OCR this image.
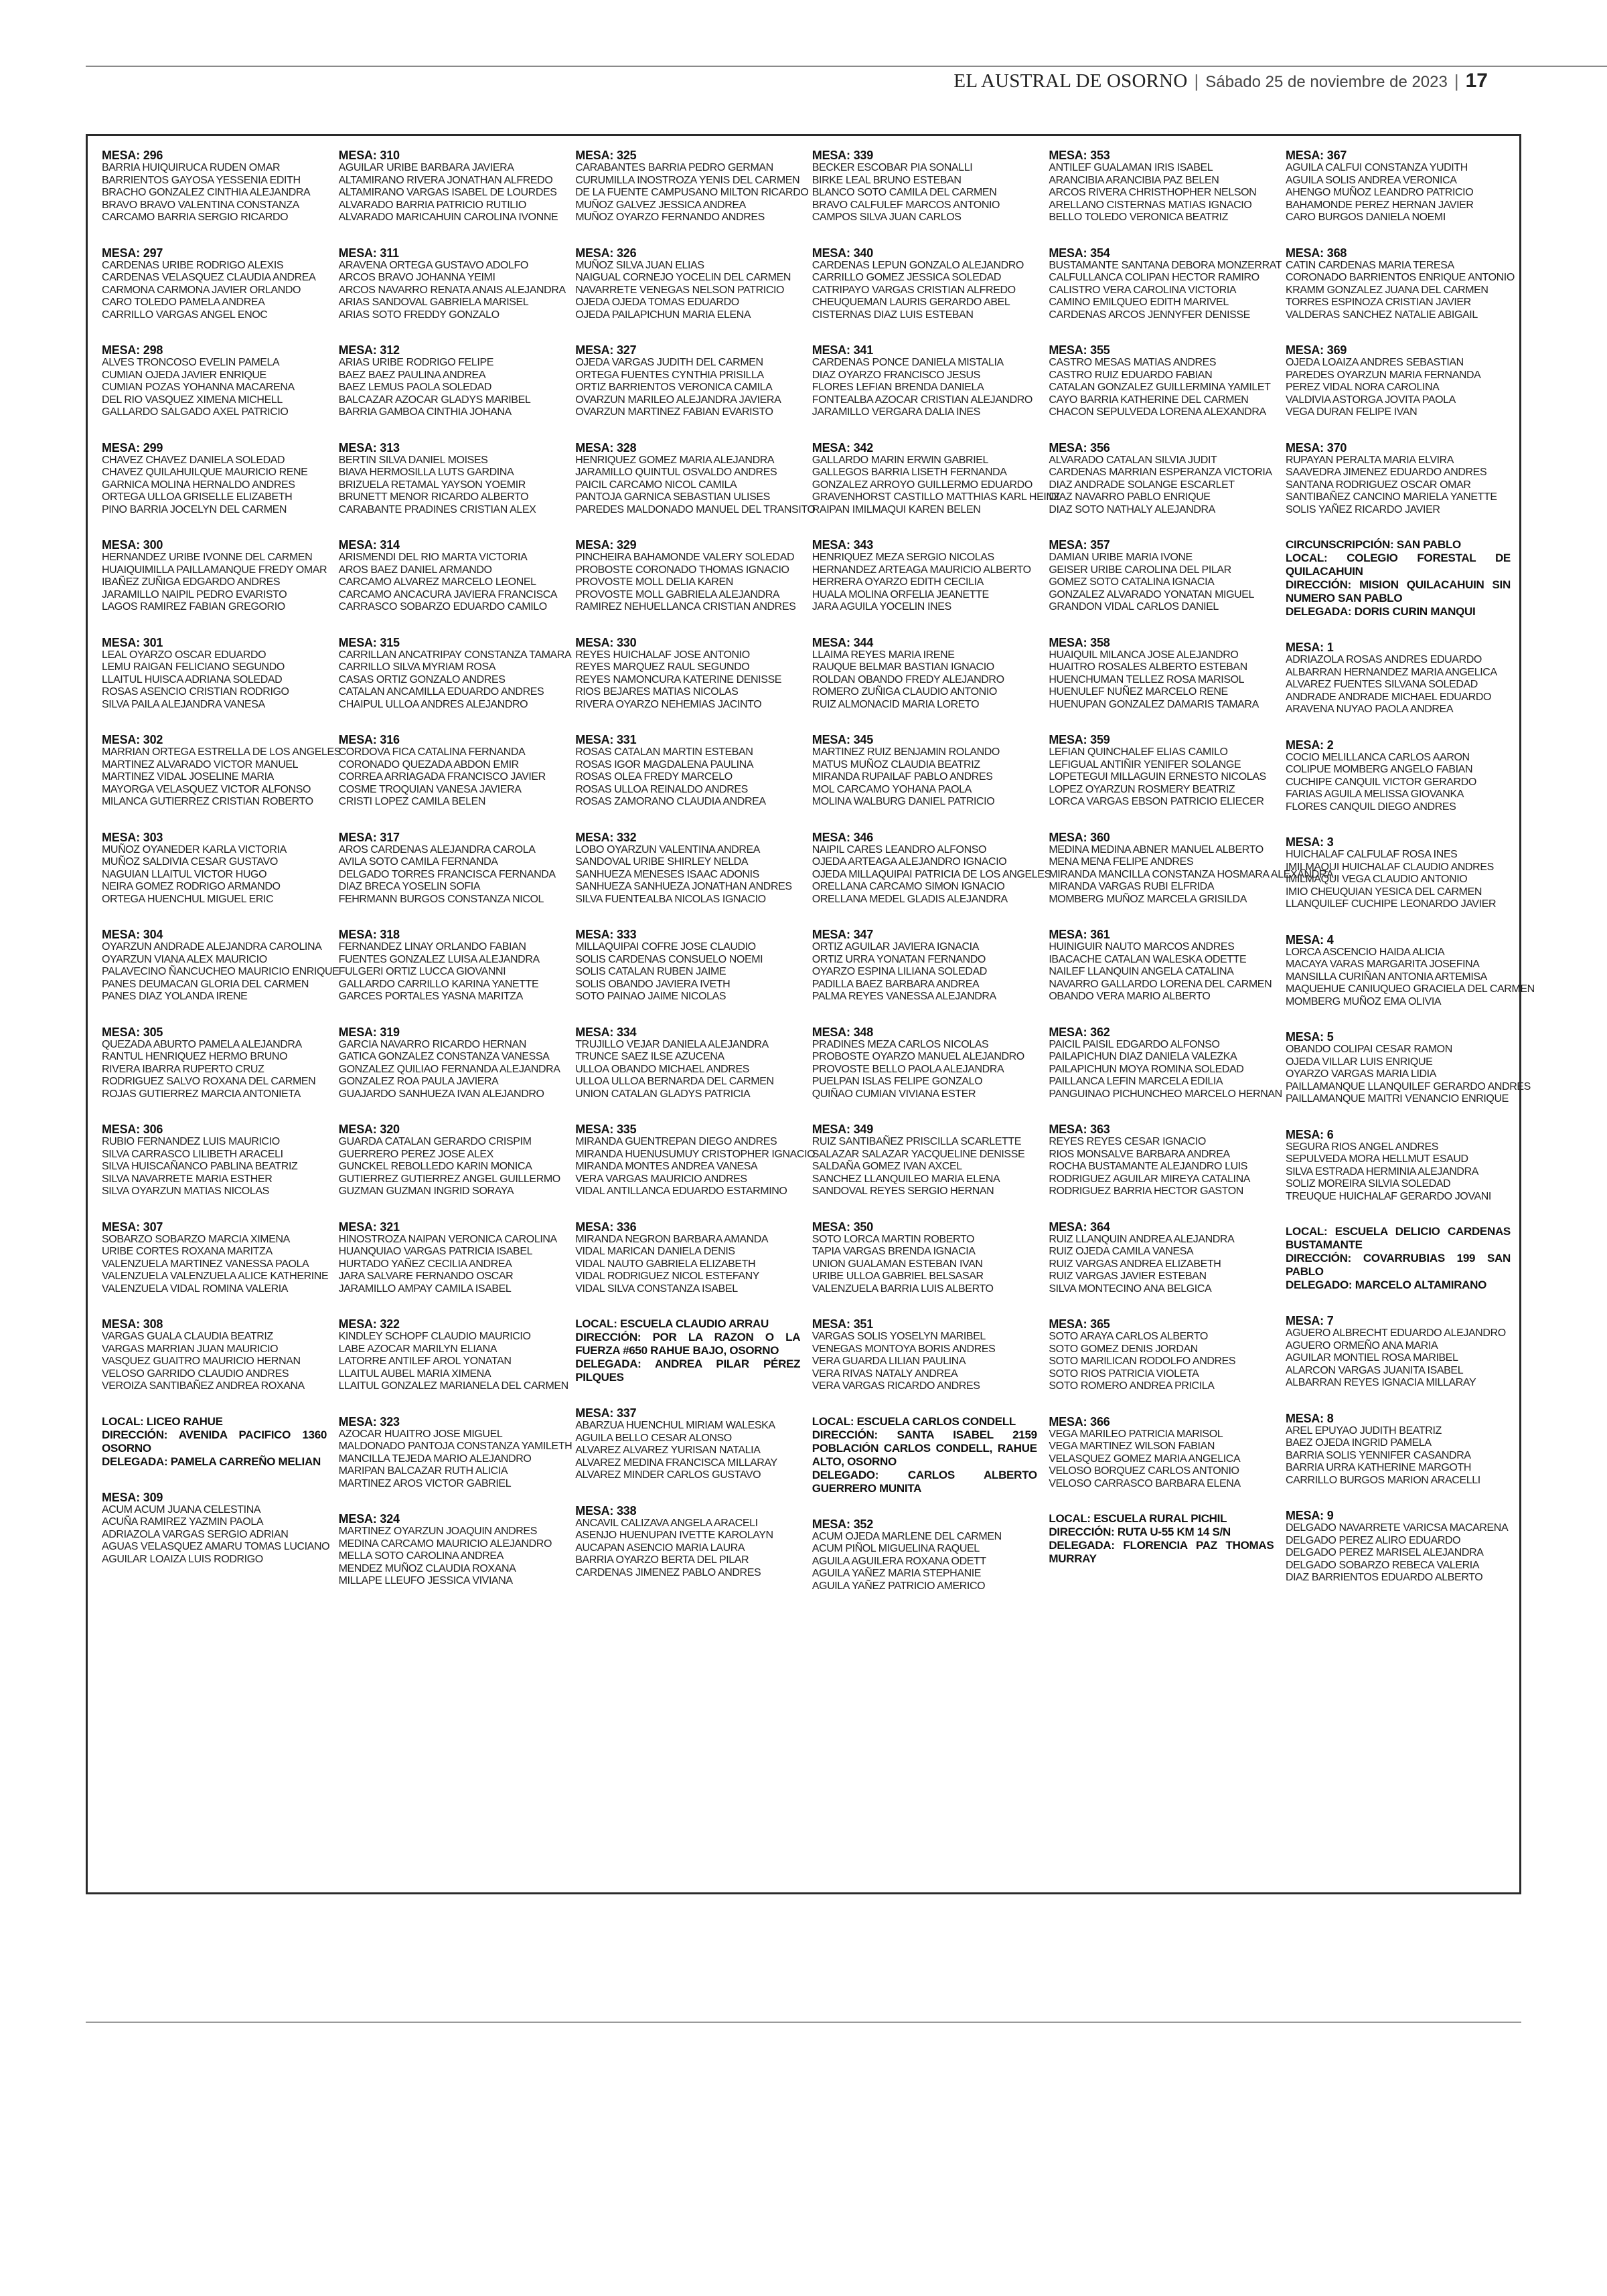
EL AUSTRAL DE OSORNO | Sábado 25 de noviembre de 2023 | 17
MESA: 296
BARRIA HUIQUIRUCA RUDEN OMAR
BARRIENTOS GAYOSA YESSENIA EDITH
BRACHO GONZALEZ CINTHIA ALEJANDRA
BRAVO BRAVO VALENTINA CONSTANZA
CARCAMO BARRIA SERGIO RICARDO
MESA: 297
CARDENAS URIBE RODRIGO ALEXIS
CARDENAS VELASQUEZ CLAUDIA ANDREA
CARMONA CARMONA JAVIER ORLANDO
CARO TOLEDO PAMELA ANDREA
CARRILLO VARGAS ANGEL ENOC
MESA: 298
ALVES TRONCOSO EVELIN PAMELA
CUMIAN OJEDA JAVIER ENRIQUE
CUMIAN POZAS YOHANNA MACARENA
DEL RIO VASQUEZ XIMENA MICHELL
GALLARDO SALGADO AXEL PATRICIO
MESA: 299
CHAVEZ CHAVEZ DANIELA SOLEDAD
CHAVEZ QUILAHUILQUE MAURICIO RENE
GARNICA MOLINA HERNALDO ANDRES
ORTEGA ULLOA GRISELLE ELIZABETH
PINO BARRIA JOCELYN DEL CARMEN
MESA: 300
HERNANDEZ URIBE IVONNE DEL CARMEN
HUAIQUIMILLA PAILLAMANQUE FREDY OMAR
IBAÑEZ ZUÑIGA EDGARDO ANDRES
JARAMILLO NAIPIL PEDRO EVARISTO
LAGOS RAMIREZ FABIAN GREGORIO
MESA: 301
LEAL OYARZO OSCAR EDUARDO
LEMU RAIGAN FELICIANO SEGUNDO
LLAITUL HUISCA ADRIANA SOLEDAD
ROSAS ASENCIO CRISTIAN RODRIGO
SILVA PAILA ALEJANDRA VANESA
MESA: 302
MARRIAN ORTEGA ESTRELLA DE LOS ANGELES
MARTINEZ ALVARADO VICTOR MANUEL
MARTINEZ VIDAL JOSELINE MARIA
MAYORGA VELASQUEZ VICTOR ALFONSO
MILANCA GUTIERREZ CRISTIAN ROBERTO
MESA: 303
MUÑOZ OYANEDER KARLA VICTORIA
MUÑOZ SALDIVIA CESAR GUSTAVO
NAGUIAN LLAITUL VICTOR HUGO
NEIRA GOMEZ RODRIGO ARMANDO
ORTEGA HUENCHUL MIGUEL ERIC
MESA: 304
OYARZUN ANDRADE ALEJANDRA CAROLINA
OYARZUN VIANA ALEX MAURICIO
PALAVECINO ÑANCUCHEO MAURICIO ENRIQUE
PANES DEUMACAN GLORIA DEL CARMEN
PANES DIAZ YOLANDA IRENE
MESA: 305
QUEZADA ABURTO PAMELA ALEJANDRA
RANTUL HENRIQUEZ HERMO BRUNO
RIVERA IBARRA RUPERTO CRUZ
RODRIGUEZ SALVO ROXANA DEL CARMEN
ROJAS GUTIERREZ MARCIA ANTONIETA
MESA: 306
RUBIO FERNANDEZ LUIS MAURICIO
SILVA CARRASCO LILIBETH ARACELI
SILVA HUISCAÑANCO PABLINA BEATRIZ
SILVA NAVARRETE MARIA ESTHER
SILVA OYARZUN MATIAS NICOLAS
MESA: 307
SOBARZO SOBARZO MARCIA XIMENA
URIBE CORTES ROXANA MARITZA
VALENZUELA MARTINEZ VANESSA PAOLA
VALENZUELA VALENZUELA ALICE KATHERINE
VALENZUELA VIDAL ROMINA VALERIA
MESA: 308
VARGAS GUALA CLAUDIA BEATRIZ
VARGAS MARRIAN JUAN MAURICIO
VASQUEZ GUAITRO MAURICIO HERNAN
VELOSO GARRIDO CLAUDIO ANDRES
VEROIZA SANTIBAÑEZ ANDREA ROXANA
LOCAL: LICEO RAHUE
DIRECCIÓN: AVENIDA PACIFICO 1360 OSORNO
DELEGADA: PAMELA CARREÑO MELIAN
MESA: 309
ACUM ACUM JUANA CELESTINA
ACUÑA RAMIREZ YAZMIN PAOLA
ADRIAZOLA VARGAS SERGIO ADRIAN
AGUAS VELASQUEZ AMARU TOMAS LUCIANO
AGUILAR LOAIZA LUIS RODRIGO
MESA: 310
AGUILAR URIBE BARBARA JAVIERA
ALTAMIRANO RIVERA JONATHAN ALFREDO
ALTAMIRANO VARGAS ISABEL DE LOURDES
ALVARADO BARRIA PATRICIO RUTILIO
ALVARADO MARICAHUIN CAROLINA IVONNE
MESA: 311
ARAVENA ORTEGA GUSTAVO ADOLFO
ARCOS BRAVO JOHANNA YEIMI
ARCOS NAVARRO RENATA ANAIS ALEJANDRA
ARIAS SANDOVAL GABRIELA MARISEL
ARIAS SOTO FREDDY GONZALO
MESA: 312
ARIAS URIBE RODRIGO FELIPE
BAEZ BAEZ PAULINA ANDREA
BAEZ LEMUS PAOLA SOLEDAD
BALCAZAR AZOCAR GLADYS MARIBEL
BARRIA GAMBOA CINTHIA JOHANA
MESA: 313
BERTIN SILVA DANIEL MOISES
BIAVA HERMOSILLA LUTS GARDINA
BRIZUELA RETAMAL YAYSON YOEMIR
BRUNETT MENOR RICARDO ALBERTO
CARABANTE PRADINES CRISTIAN ALEX
MESA: 314
ARISMENDI DEL RIO MARTA VICTORIA
AROS BAEZ DANIEL ARMANDO
CARCAMO ALVAREZ MARCELO LEONEL
CARCAMO ANCACURA JAVIERA FRANCISCA
CARRASCO SOBARZO EDUARDO CAMILO
MESA: 315
CARRILLAN ANCATRIPAY CONSTANZA TAMARA
CARRILLO SILVA MYRIAM ROSA
CASAS ORTIZ GONZALO ANDRES
CATALAN ANCAMILLA EDUARDO ANDRES
CHAIPUL ULLOA ANDRES ALEJANDRO
MESA: 316
CORDOVA FICA CATALINA FERNANDA
CORONADO QUEZADA ABDON EMIR
CORREA ARRIAGADA FRANCISCO JAVIER
COSME TROQUIAN VANESA JAVIERA
CRISTI LOPEZ CAMILA BELEN
MESA: 317
AROS CARDENAS ALEJANDRA CAROLA
AVILA SOTO CAMILA FERNANDA
DELGADO TORRES FRANCISCA FERNANDA
DIAZ BRECA YOSELIN SOFIA
FEHRMANN BURGOS CONSTANZA NICOL
MESA: 318
FERNANDEZ LINAY ORLANDO FABIAN
FUENTES GONZALEZ LUISA ALEJANDRA
FULGERI ORTIZ LUCCA GIOVANNI
GALLARDO CARRILLO KARINA YANETTE
GARCES PORTALES YASNA MARITZA
MESA: 319
GARCIA NAVARRO RICARDO HERNAN
GATICA GONZALEZ CONSTANZA VANESSA
GONZALEZ QUILIAO FERNANDA ALEJANDRA
GONZALEZ ROA PAULA JAVIERA
GUAJARDO SANHUEZA IVAN ALEJANDRO
MESA: 320
GUARDA CATALAN GERARDO CRISPIM
GUERRERO PEREZ JOSE ALEX
GUNCKEL REBOLLEDO KARIN MONICA
GUTIERREZ GUTIERREZ ANGEL GUILLERMO
GUZMAN GUZMAN INGRID SORAYA
MESA: 321
HINOSTROZA NAIPAN VERONICA CAROLINA
HUANQUIAO VARGAS PATRICIA ISABEL
HURTADO YAÑEZ CECILIA ANDREA
JARA SALVARE FERNANDO OSCAR
JARAMILLO AMPAY CAMILA ISABEL
MESA: 322
KINDLEY SCHOPF CLAUDIO MAURICIO
LABE AZOCAR MARILYN ELIANA
LATORRE ANTILEF AROL YONATAN
LLAITUL AUBEL MARIA XIMENA
LLAITUL GONZALEZ MARIANELA DEL CARMEN
MESA: 323
AZOCAR HUAITRO JOSE MIGUEL
MALDONADO PANTOJA CONSTANZA YAMILETH
MANCILLA TEJEDA MARIO ALEJANDRO
MARIPAN BALCAZAR RUTH ALICIA
MARTINEZ AROS VICTOR GABRIEL
MESA: 324
MARTINEZ OYARZUN JOAQUIN ANDRES
MEDINA CARCAMO MAURICIO ALEJANDRO
MELLA SOTO CAROLINA ANDREA
MENDEZ MUÑOZ CLAUDIA ROXANA
MILLAPE LLEUFO JESSICA VIVIANA
MESA: 325
CARABANTES BARRIA PEDRO GERMAN
CURUMILLA INOSTROZA YENIS DEL CARMEN
DE LA FUENTE CAMPUSANO MILTON RICARDO
MUÑOZ GALVEZ JESSICA ANDREA
MUÑOZ OYARZO FERNANDO ANDRES
MESA: 326
MUÑOZ SILVA JUAN ELIAS
NAIGUAL CORNEJO YOCELIN DEL CARMEN
NAVARRETE VENEGAS NELSON PATRICIO
OJEDA OJEDA TOMAS EDUARDO
OJEDA PAILAPICHUN MARIA ELENA
MESA: 327
OJEDA VARGAS JUDITH DEL CARMEN
ORTEGA FUENTES CYNTHIA PRISILLA
ORTIZ BARRIENTOS VERONICA CAMILA
OVARZUN MARILEO ALEJANDRA JAVIERA
OVARZUN MARTINEZ FABIAN EVARISTO
MESA: 328
HENRIQUEZ GOMEZ MARIA ALEJANDRA
JARAMILLO QUINTUL OSVALDO ANDRES
PAICIL CARCAMO NICOL CAMILA
PANTOJA GARNICA SEBASTIAN ULISES
PAREDES MALDONADO MANUEL DEL TRANSITO
MESA: 329
PINCHEIRA BAHAMONDE VALERY SOLEDAD
PROBOSTE CORONADO THOMAS IGNACIO
PROVOSTE MOLL DELIA KAREN
PROVOSTE MOLL GABRIELA ALEJANDRA
RAMIREZ NEHUELLANCA CRISTIAN ANDRES
MESA: 330
REYES HUICHALAF JOSE ANTONIO
REYES MARQUEZ RAUL SEGUNDO
REYES NAMONCURA KATERINE DENISSE
RIOS BEJARES MATIAS NICOLAS
RIVERA OYARZO NEHEMIAS JACINTO
MESA: 331
ROSAS CATALAN MARTIN ESTEBAN
ROSAS IGOR MAGDALENA PAULINA
ROSAS OLEA FREDY MARCELO
ROSAS ULLOA REINALDO ANDRES
ROSAS ZAMORANO CLAUDIA ANDREA
MESA: 332
LOBO OYARZUN VALENTINA ANDREA
SANDOVAL URIBE SHIRLEY NELDA
SANHUEZA MENESES ISAAC ADONIS
SANHUEZA SANHUEZA JONATHAN ANDRES
SILVA FUENTEALBA NICOLAS IGNACIO
MESA: 333
MILLAQUIPAI COFRE JOSE CLAUDIO
SOLIS CARDENAS CONSUELO NOEMI
SOLIS CATALAN RUBEN JAIME
SOLIS OBANDO JAVIERA IVETH
SOTO PAINAO JAIME NICOLAS
MESA: 334
TRUJILLO VEJAR DANIELA ALEJANDRA
TRUNCE SAEZ ILSE AZUCENA
ULLOA OBANDO MICHAEL ANDRES
ULLOA ULLOA BERNARDA DEL CARMEN
UNION CATALAN GLADYS PATRICIA
MESA: 335
MIRANDA GUENTREPAN DIEGO ANDRES
MIRANDA HUENUSUMUY CRISTOPHER IGNACIO
MIRANDA MONTES ANDREA VANESA
VERA VARGAS MAURICIO ANDRES
VIDAL ANTILLANCA EDUARDO ESTARMINO
MESA: 336
MIRANDA NEGRON BARBARA AMANDA
VIDAL MARICAN DANIELA DENIS
VIDAL NAUTO GABRIELA ELIZABETH
VIDAL RODRIGUEZ NICOL ESTEFANY
VIDAL SILVA CONSTANZA ISABEL
LOCAL: ESCUELA CLAUDIO ARRAU
DIRECCIÓN: POR LA RAZON O LA FUERZA #650 RAHUE BAJO, OSORNO
DELEGADA: ANDREA PILAR PÉREZ PILQUES
MESA: 337
ABARZUA HUENCHUL MIRIAM WALESKA
AGUILA BELLO CESAR ALONSO
ALVAREZ ALVAREZ YURISAN NATALIA
ALVAREZ MEDINA FRANCISCA MILLARAY
ALVAREZ MINDER CARLOS GUSTAVO
MESA: 338
ANCAVIL CALIZAVA ANGELA ARACELI
ASENJO HUENUPAN IVETTE KAROLAYN
AUCAPAN ASENCIO MARIA LAURA
BARRIA OYARZO BERTA DEL PILAR
CARDENAS JIMENEZ PABLO ANDRES
MESA: 339
BECKER ESCOBAR PIA SONALLI
BIRKE LEAL BRUNO ESTEBAN
BLANCO SOTO CAMILA DEL CARMEN
BRAVO CALFULEF MARCOS ANTONIO
CAMPOS SILVA JUAN CARLOS
MESA: 340
CARDENAS LEPUN GONZALO ALEJANDRO
CARRILLO GOMEZ JESSICA SOLEDAD
CATRIPAYO VARGAS CRISTIAN ALFREDO
CHEUQUEMAN LAURIS GERARDO ABEL
CISTERNAS DIAZ LUIS ESTEBAN
MESA: 341
CARDENAS PONCE DANIELA MISTALIA
DIAZ OYARZO FRANCISCO JESUS
FLORES LEFIAN BRENDA DANIELA
FONTEALBA AZOCAR CRISTIAN ALEJANDRO
JARAMILLO VERGARA DALIA INES
MESA: 342
GALLARDO MARIN ERWIN GABRIEL
GALLEGOS BARRIA LISETH FERNANDA
GONZALEZ ARROYO GUILLERMO EDUARDO
GRAVENHORST CASTILLO MATTHIAS KARL HEINZ
RAIPAN IMILMAQUI KAREN BELEN
MESA: 343
HENRIQUEZ MEZA SERGIO NICOLAS
HERNANDEZ ARTEAGA MAURICIO ALBERTO
HERRERA OYARZO EDITH CECILIA
HUALA MOLINA ORFELIA JEANETTE
JARA AGUILA YOCELIN INES
MESA: 344
LLAIMA REYES MARIA IRENE
RAUQUE BELMAR BASTIAN IGNACIO
ROLDAN OBANDO FREDY ALEJANDRO
ROMERO ZUÑIGA CLAUDIO ANTONIO
RUIZ ALMONACID MARIA LORETO
MESA: 345
MARTINEZ RUIZ BENJAMIN ROLANDO
MATUS MUÑOZ CLAUDIA BEATRIZ
MIRANDA RUPAILAF PABLO ANDRES
MOL CARCAMO YOHANA PAOLA
MOLINA WALBURG DANIEL PATRICIO
MESA: 346
NAIPIL CARES LEANDRO ALFONSO
OJEDA ARTEAGA ALEJANDRO IGNACIO
OJEDA MILLAQUIPAI PATRICIA DE LOS ANGELES
ORELLANA CARCAMO SIMON IGNACIO
ORELLANA MEDEL GLADIS ALEJANDRA
MESA: 347
ORTIZ AGUILAR JAVIERA IGNACIA
ORTIZ URRA YONATAN FERNANDO
OYARZO ESPINA LILIANA SOLEDAD
PADILLA BAEZ BARBARA ANDREA
PALMA REYES VANESSA ALEJANDRA
MESA: 348
PRADINES MEZA CARLOS NICOLAS
PROBOSTE OYARZO MANUEL ALEJANDRO
PROVOSTE BELLO PAOLA ALEJANDRA
PUELPAN ISLAS FELIPE GONZALO
QUIÑAO CUMIAN VIVIANA ESTER
MESA: 349
RUIZ SANTIBAÑEZ PRISCILLA SCARLETTE
SALAZAR SALAZAR YACQUELINE DENISSE
SALDAÑA GOMEZ IVAN AXCEL
SANCHEZ LLANQUILEO MARIA ELENA
SANDOVAL REYES SERGIO HERNAN
MESA: 350
SOTO LORCA MARTIN ROBERTO
TAPIA VARGAS BRENDA IGNACIA
UNION GUALAMAN ESTEBAN IVAN
URIBE ULLOA GABRIEL BELSASAR
VALENZUELA BARRIA LUIS ALBERTO
MESA: 351
VARGAS SOLIS YOSELYN MARIBEL
VENEGAS MONTOYA BORIS ANDRES
VERA GUARDA LILIAN PAULINA
VERA RIVAS NATALY ANDREA
VERA VARGAS RICARDO ANDRES
LOCAL: ESCUELA CARLOS CONDELL
DIRECCIÓN: SANTA ISABEL 2159 POBLACIÓN CARLOS CONDELL, RAHUE ALTO, OSORNO
DELEGADO: CARLOS ALBERTO GUERRERO MUNITA
MESA: 352
ACUM OJEDA MARLENE DEL CARMEN
ACUM PIÑOL MIGUELINA RAQUEL
AGUILA AGUILERA ROXANA ODETT
AGUILA YAÑEZ MARIA STEPHANIE
AGUILA YAÑEZ PATRICIO AMERICO
MESA: 353
ANTILEF GUALAMAN IRIS ISABEL
ARANCIBIA ARANCIBIA PAZ BELEN
ARCOS RIVERA CHRISTHOPHER NELSON
ARELLANO CISTERNAS MATIAS IGNACIO
BELLO TOLEDO VERONICA BEATRIZ
MESA: 354
BUSTAMANTE SANTANA DEBORA MONZERRAT
CALFULLANCA COLIPAN HECTOR RAMIRO
CALISTRO VERA CAROLINA VICTORIA
CAMINO EMILQUEO EDITH MARIVEL
CARDENAS ARCOS JENNYFER DENISSE
MESA: 355
CASTRO MESAS MATIAS ANDRES
CASTRO RUIZ EDUARDO FABIAN
CATALAN GONZALEZ GUILLERMINA YAMILET
CAYO BARRIA KATHERINE DEL CARMEN
CHACON SEPULVEDA LORENA ALEXANDRA
MESA: 356
ALVARADO CATALAN SILVIA JUDIT
CARDENAS MARRIAN ESPERANZA VICTORIA
DIAZ ANDRADE SOLANGE ESCARLET
DIAZ NAVARRO PABLO ENRIQUE
DIAZ SOTO NATHALY ALEJANDRA
MESA: 357
DAMIAN URIBE MARIA IVONE
GEISER URIBE CAROLINA DEL PILAR
GOMEZ SOTO CATALINA IGNACIA
GONZALEZ ALVARADO YONATAN MIGUEL
GRANDON VIDAL CARLOS DANIEL
MESA: 358
HUAIQUIL MILANCA JOSE ALEJANDRO
HUAITRO ROSALES ALBERTO ESTEBAN
HUENCHUMAN TELLEZ ROSA MARISOL
HUENULEF NUÑEZ MARCELO RENE
HUENUPAN GONZALEZ DAMARIS TAMARA
MESA: 359
LEFIAN QUINCHALEF ELIAS CAMILO
LEFIGUAL ANTIÑIR YENIFER SOLANGE
LOPETEGUI MILLAGUIN ERNESTO NICOLAS
LOPEZ OYARZUN ROSMERY BEATRIZ
LORCA VARGAS EBSON PATRICIO ELIECER
MESA: 360
MEDINA MEDINA ABNER MANUEL ALBERTO
MENA MENA FELIPE ANDRES
MIRANDA MANCILLA CONSTANZA HOSMARA ALEXANDRA
MIRANDA VARGAS RUBI ELFRIDA
MOMBERG MUÑOZ MARCELA GRISILDA
MESA: 361
HUINIGUIR NAUTO MARCOS ANDRES
IBACACHE CATALAN WALESKA ODETTE
NAILEF LLANQUIN ANGELA CATALINA
NAVARRO GALLARDO LORENA DEL CARMEN
OBANDO VERA MARIO ALBERTO
MESA: 362
PAICIL PAISIL EDGARDO ALFONSO
PAILAPICHUN DIAZ DANIELA VALEZKA
PAILAPICHUN MOYA ROMINA SOLEDAD
PAILLANCA LEFIN MARCELA EDILIA
PANGUINAO PICHUNCHEO MARCELO HERNAN
MESA: 363
REYES REYES CESAR IGNACIO
RIOS MONSALVE BARBARA ANDREA
ROCHA BUSTAMANTE ALEJANDRO LUIS
RODRIGUEZ AGUILAR MIREYA CATALINA
RODRIGUEZ BARRIA HECTOR GASTON
MESA: 364
RUIZ LLANQUIN ANDREA ALEJANDRA
RUIZ OJEDA CAMILA VANESA
RUIZ VARGAS ANDREA ELIZABETH
RUIZ VARGAS JAVIER ESTEBAN
SILVA MONTECINO ANA BELGICA
MESA: 365
SOTO ARAYA CARLOS ALBERTO
SOTO GOMEZ DENIS JORDAN
SOTO MARILICAN RODOLFO ANDRES
SOTO RIOS PATRICIA VIOLETA
SOTO ROMERO ANDREA PRICILA
MESA: 366
VEGA MARILEO PATRICIA MARISOL
VEGA MARTINEZ WILSON FABIAN
VELASQUEZ GOMEZ MARIA ANGELICA
VELOSO BORQUEZ CARLOS ANTONIO
VELOSO CARRASCO BARBARA ELENA
LOCAL: ESCUELA RURAL PICHIL
DIRECCIÓN: RUTA U-55 KM 14 S/N
DELEGADA: FLORENCIA PAZ THOMAS MURRAY
MESA: 367
AGUILA CALFUI CONSTANZA YUDITH
AGUILA SOLIS ANDREA VERONICA
AHENGO MUÑOZ LEANDRO PATRICIO
BAHAMONDE PEREZ HERNAN JAVIER
CARO BURGOS DANIELA NOEMI
MESA: 368
CATIN CARDENAS MARIA TERESA
CORONADO BARRIENTOS ENRIQUE ANTONIO
KRAMM GONZALEZ JUANA DEL CARMEN
TORRES ESPINOZA CRISTIAN JAVIER
VALDERAS SANCHEZ NATALIE ABIGAIL
MESA: 369
OJEDA LOAIZA ANDRES SEBASTIAN
PAREDES OYARZUN MARIA FERNANDA
PEREZ VIDAL NORA CAROLINA
VALDIVIA ASTORGA JOVITA PAOLA
VEGA DURAN FELIPE IVAN
MESA: 370
RUPAYAN PERALTA MARIA ELVIRA
SAAVEDRA JIMENEZ EDUARDO ANDRES
SANTANA RODRIGUEZ OSCAR OMAR
SANTIBAÑEZ CANCINO MARIELA YANETTE
SOLIS YAÑEZ RICARDO JAVIER
CIRCUNSCRIPCIÓN: SAN PABLO
LOCAL: COLEGIO FORESTAL DE QUILACAHUIN
DIRECCIÓN: MISION QUILACAHUIN SIN NUMERO SAN PABLO
DELEGADA: DORIS CURIN MANQUI
MESA: 1
ADRIAZOLA ROSAS ANDRES EDUARDO
ALBARRAN HERNANDEZ MARIA ANGELICA
ALVAREZ FUENTES SILVANA SOLEDAD
ANDRADE ANDRADE MICHAEL EDUARDO
ARAVENA NUYAO PAOLA ANDREA
MESA: 2
COCIO MELILLANCA CARLOS AARON
COLIPUE MOMBERG ANGELO FABIAN
CUCHIPE CANQUIL VICTOR GERARDO
FARIAS AGUILA MELISSA GIOVANKA
FLORES CANQUIL DIEGO ANDRES
MESA: 3
HUICHALAF CALFULAF ROSA INES
IMILMAQUI HUICHALAF CLAUDIO ANDRES
IMILMAQUI VEGA CLAUDIO ANTONIO
IMIO CHEUQUIAN YESICA DEL CARMEN
LLANQUILEF CUCHIPE LEONARDO JAVIER
MESA: 4
LORCA ASCENCIO HAIDA ALICIA
MACAYA VARAS MARGARITA JOSEFINA
MANSILLA CURIÑAN ANTONIA ARTEMISA
MAQUEHUE CANIUQUEO GRACIELA DEL CARMEN
MOMBERG MUÑOZ EMA OLIVIA
MESA: 5
OBANDO COLIPAI CESAR RAMON
OJEDA VILLAR LUIS ENRIQUE
OYARZO VARGAS MARIA LIDIA
PAILLAMANQUE LLANQUILEF GERARDO ANDRES
PAILLAMANQUE MAITRI VENANCIO ENRIQUE
MESA: 6
SEGURA RIOS ANGEL ANDRES
SEPULVEDA MORA HELLMUT ESAUD
SILVA ESTRADA HERMINIA ALEJANDRA
SOLIZ MOREIRA SILVIA SOLEDAD
TREUQUE HUICHALAF GERARDO JOVANI
LOCAL: ESCUELA DELICIO CARDENAS BUSTAMANTE
DIRECCIÓN: COVARRUBIAS 199 SAN PABLO
DELEGADO: MARCELO ALTAMIRANO
MESA: 7
AGUERO ALBRECHT EDUARDO ALEJANDRO
AGUERO ORMEÑO ANA MARIA
AGUILAR MONTIEL ROSA MARIBEL
ALARCON VARGAS JUANITA ISABEL
ALBARRAN REYES IGNACIA MILLARAY
MESA: 8
AREL EPUYAO JUDITH BEATRIZ
BAEZ OJEDA INGRID PAMELA
BARRIA SOLIS YENNIFER CASANDRA
BARRIA URRA KATHERINE MARGOTH
CARRILLO BURGOS MARION ARACELLI
MESA: 9
DELGADO NAVARRETE VARICSA MACARENA
DELGADO PEREZ ALIRO EDUARDO
DELGADO PEREZ MARISEL ALEJANDRA
DELGADO SOBARZO REBECA VALERIA
DIAZ BARRIENTOS EDUARDO ALBERTO
